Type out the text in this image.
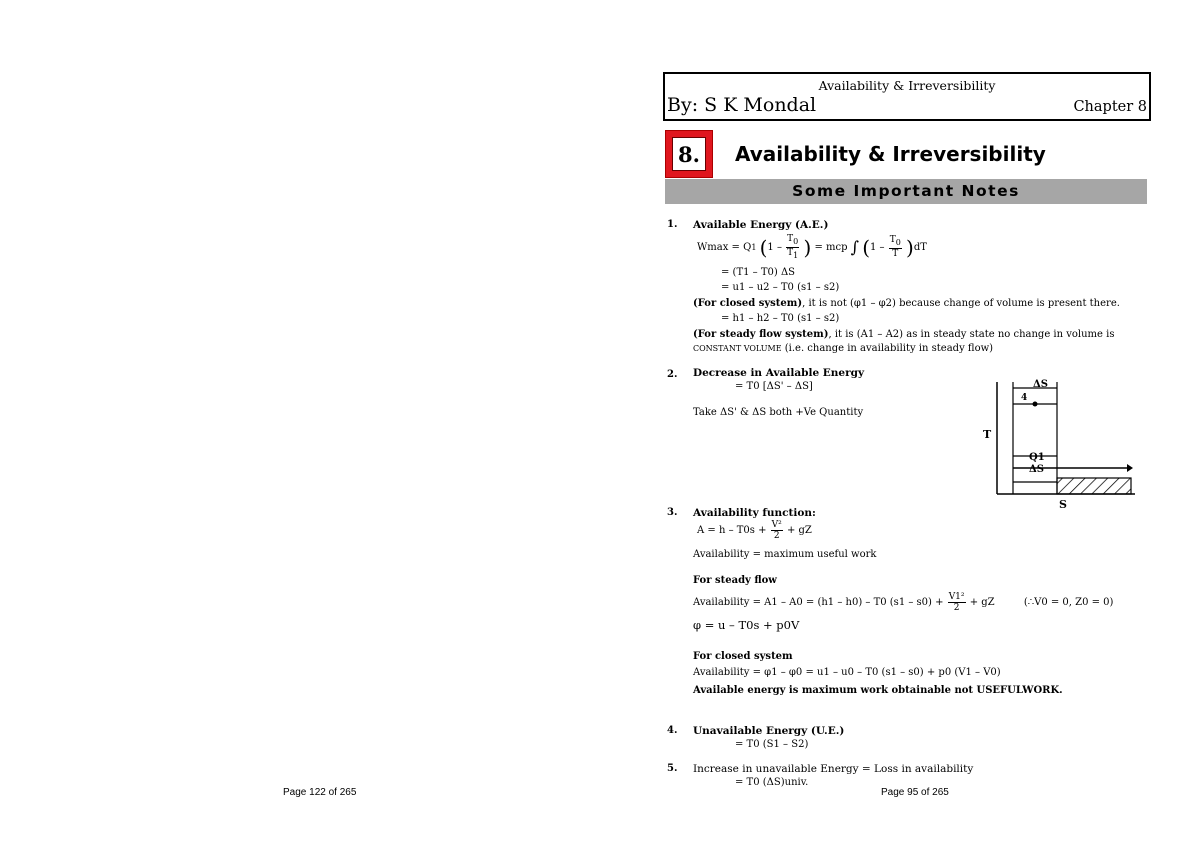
Page 122 of 265
Availability & Irreversibility
By: S K Mondal	Chapter 8
8.	Availability & Irreversibility
Some Important Notes
1. Available Energy (A.E.)
Wmax = Q1 ($1 - \frac{T_0}{T_1}$ ) = mcp ∫ $(1 - \frac{T_0}{T} )dT$
= (T1 – T0) ΔS
= u1 – u2 – T0 (s1 – s2)
(For closed system), it is not (φ1 – φ2) because change of volume is present there.
= h1 – h2 – T0 (s1 – s2)
(For steady flow system), it is (A1 – A2) as in steady state no change in volume is
CONSTANT VOLUME (i.e. change in availability in steady flow)
2. Decrease in Available Energy
= T0 [ΔS' – ΔS]
Take ΔS' & ΔS both +Ve Quantity
ΔS
4
T
Q1
ΔS
S
3. Availability function:
$A = h - T0s + \frac{\text{V²}}{2}$ + gZ
Availability = maximum useful work
For steady flow
Availability = A1 – A0 = (h1 – h0) – T0 $(s1 - s0) + \frac{\text{V1²}}{2}$ + gZ	(∴V0 = 0, Z0 = 0)
φ = u – T0s + p0V
For closed system
Availability = φ1 – φ0 = u1 – u0 – T0 (s1 – s0) + p0 (V1 – V0)
Available energy is maximum work obtainable not USEFULWORK.
4. Unavailable Energy (U.E.)
= T0 (S1 – S2)
5. Increase in unavailable Energy = Loss in availability
= T0 (ΔS)univ.
Page 95 of 265
